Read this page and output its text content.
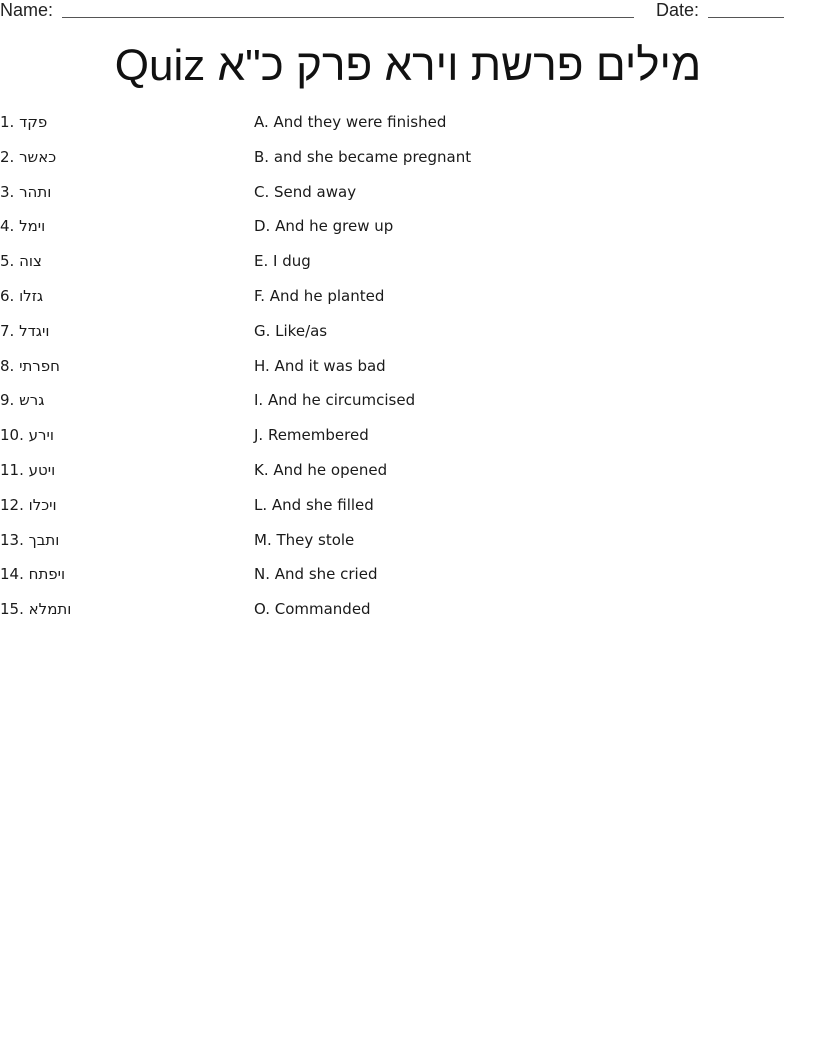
Name:	Date:
Quiz מילים פרשת וירא פרק כ"א
1. פקד
2. כאשר
3. ותהר
4. וימל
5. צוה
6. גזלו
7. ויגדל
8. חפרתי
9. גרש
10. וירע
11. ויטע
12. ויכלו
13. ותבך
14. ויפתח
15. ותמלא
A. And they were finished
B. and she became pregnant
C. Send away
D. And he grew up
E. I dug
F. And he planted
G. Like/as
H. And it was bad
I. And he circumcised
J. Remembered
K. And he opened
L. And she filled
M. They stole
N. And she cried
O. Commanded
